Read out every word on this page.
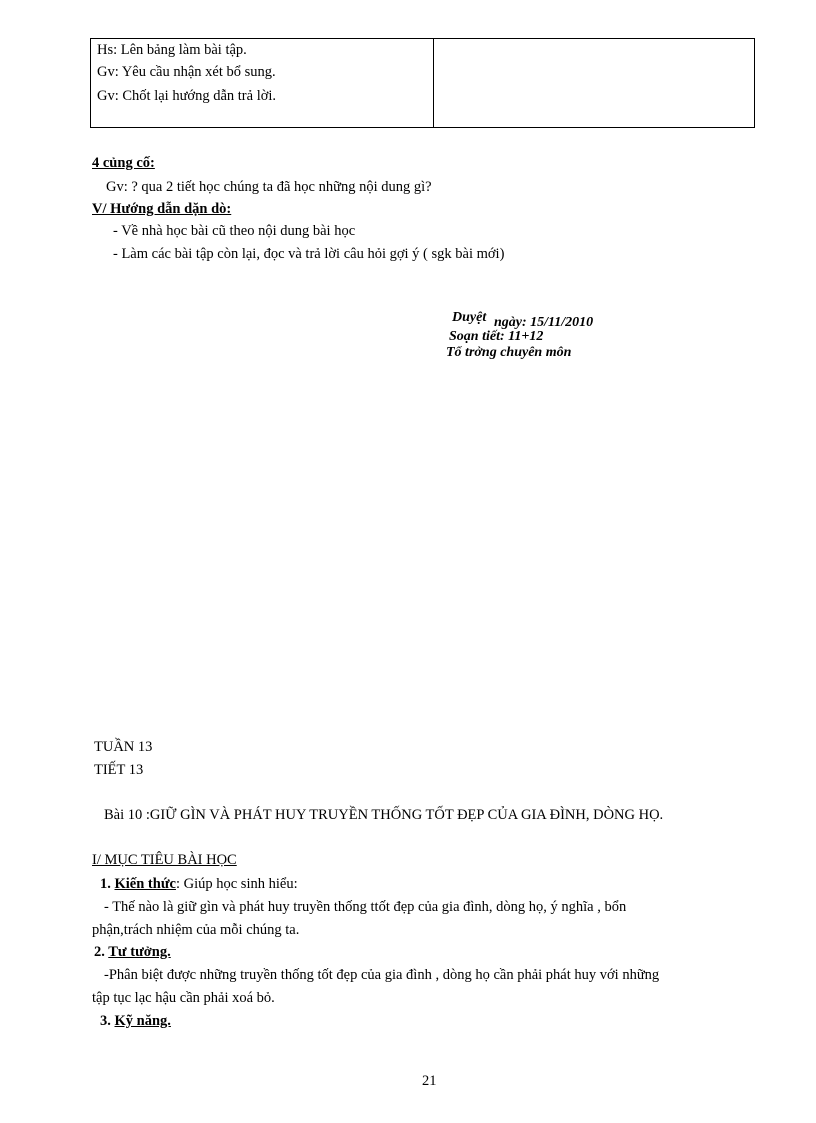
Hs: Lên bảng làm bài tập.
Gv: Yêu cầu nhận xét bổ sung.
Gv: Chốt lại hướng dẫn trả lời.
4 củng cố:
Gv: ? qua 2 tiết học chúng ta đã học những nội dung gì?
V/ Hướng dẫn dặn dò:
- Về nhà học bài cũ theo nội dung bài học
- Làm các bài tập còn lại, đọc và trả lời câu hỏi gợi ý ( sgk bài mới)
Duyệt ngày: 15/11/2010
Soạn tiết: 11+12
Tổ trởng chuyên môn
TUẦN 13
TIẾT 13
Bài 10 :GIỮ GÌN VÀ PHÁT HUY TRUYỀN THỐNG TỐT ĐẸP CỦA GIA ĐÌNH, DÒNG HỌ.
I/ MỤC TIÊU BÀI HỌC
1. Kiến thức: Giúp học sinh hiểu:
- Thế nào là giữ gìn và phát huy truyền thống ttốt đẹp của gia đình, dòng họ, ý nghĩa , bổn
phận,trách nhiệm của mỗi chúng ta.
2. Tư tưởng.
-Phân biệt được những truyền thống tốt đẹp của gia đình , dòng họ cần phải phát huy với những
tập tục lạc hậu cần phải xoá bỏ.
3. Kỹ năng.
21
